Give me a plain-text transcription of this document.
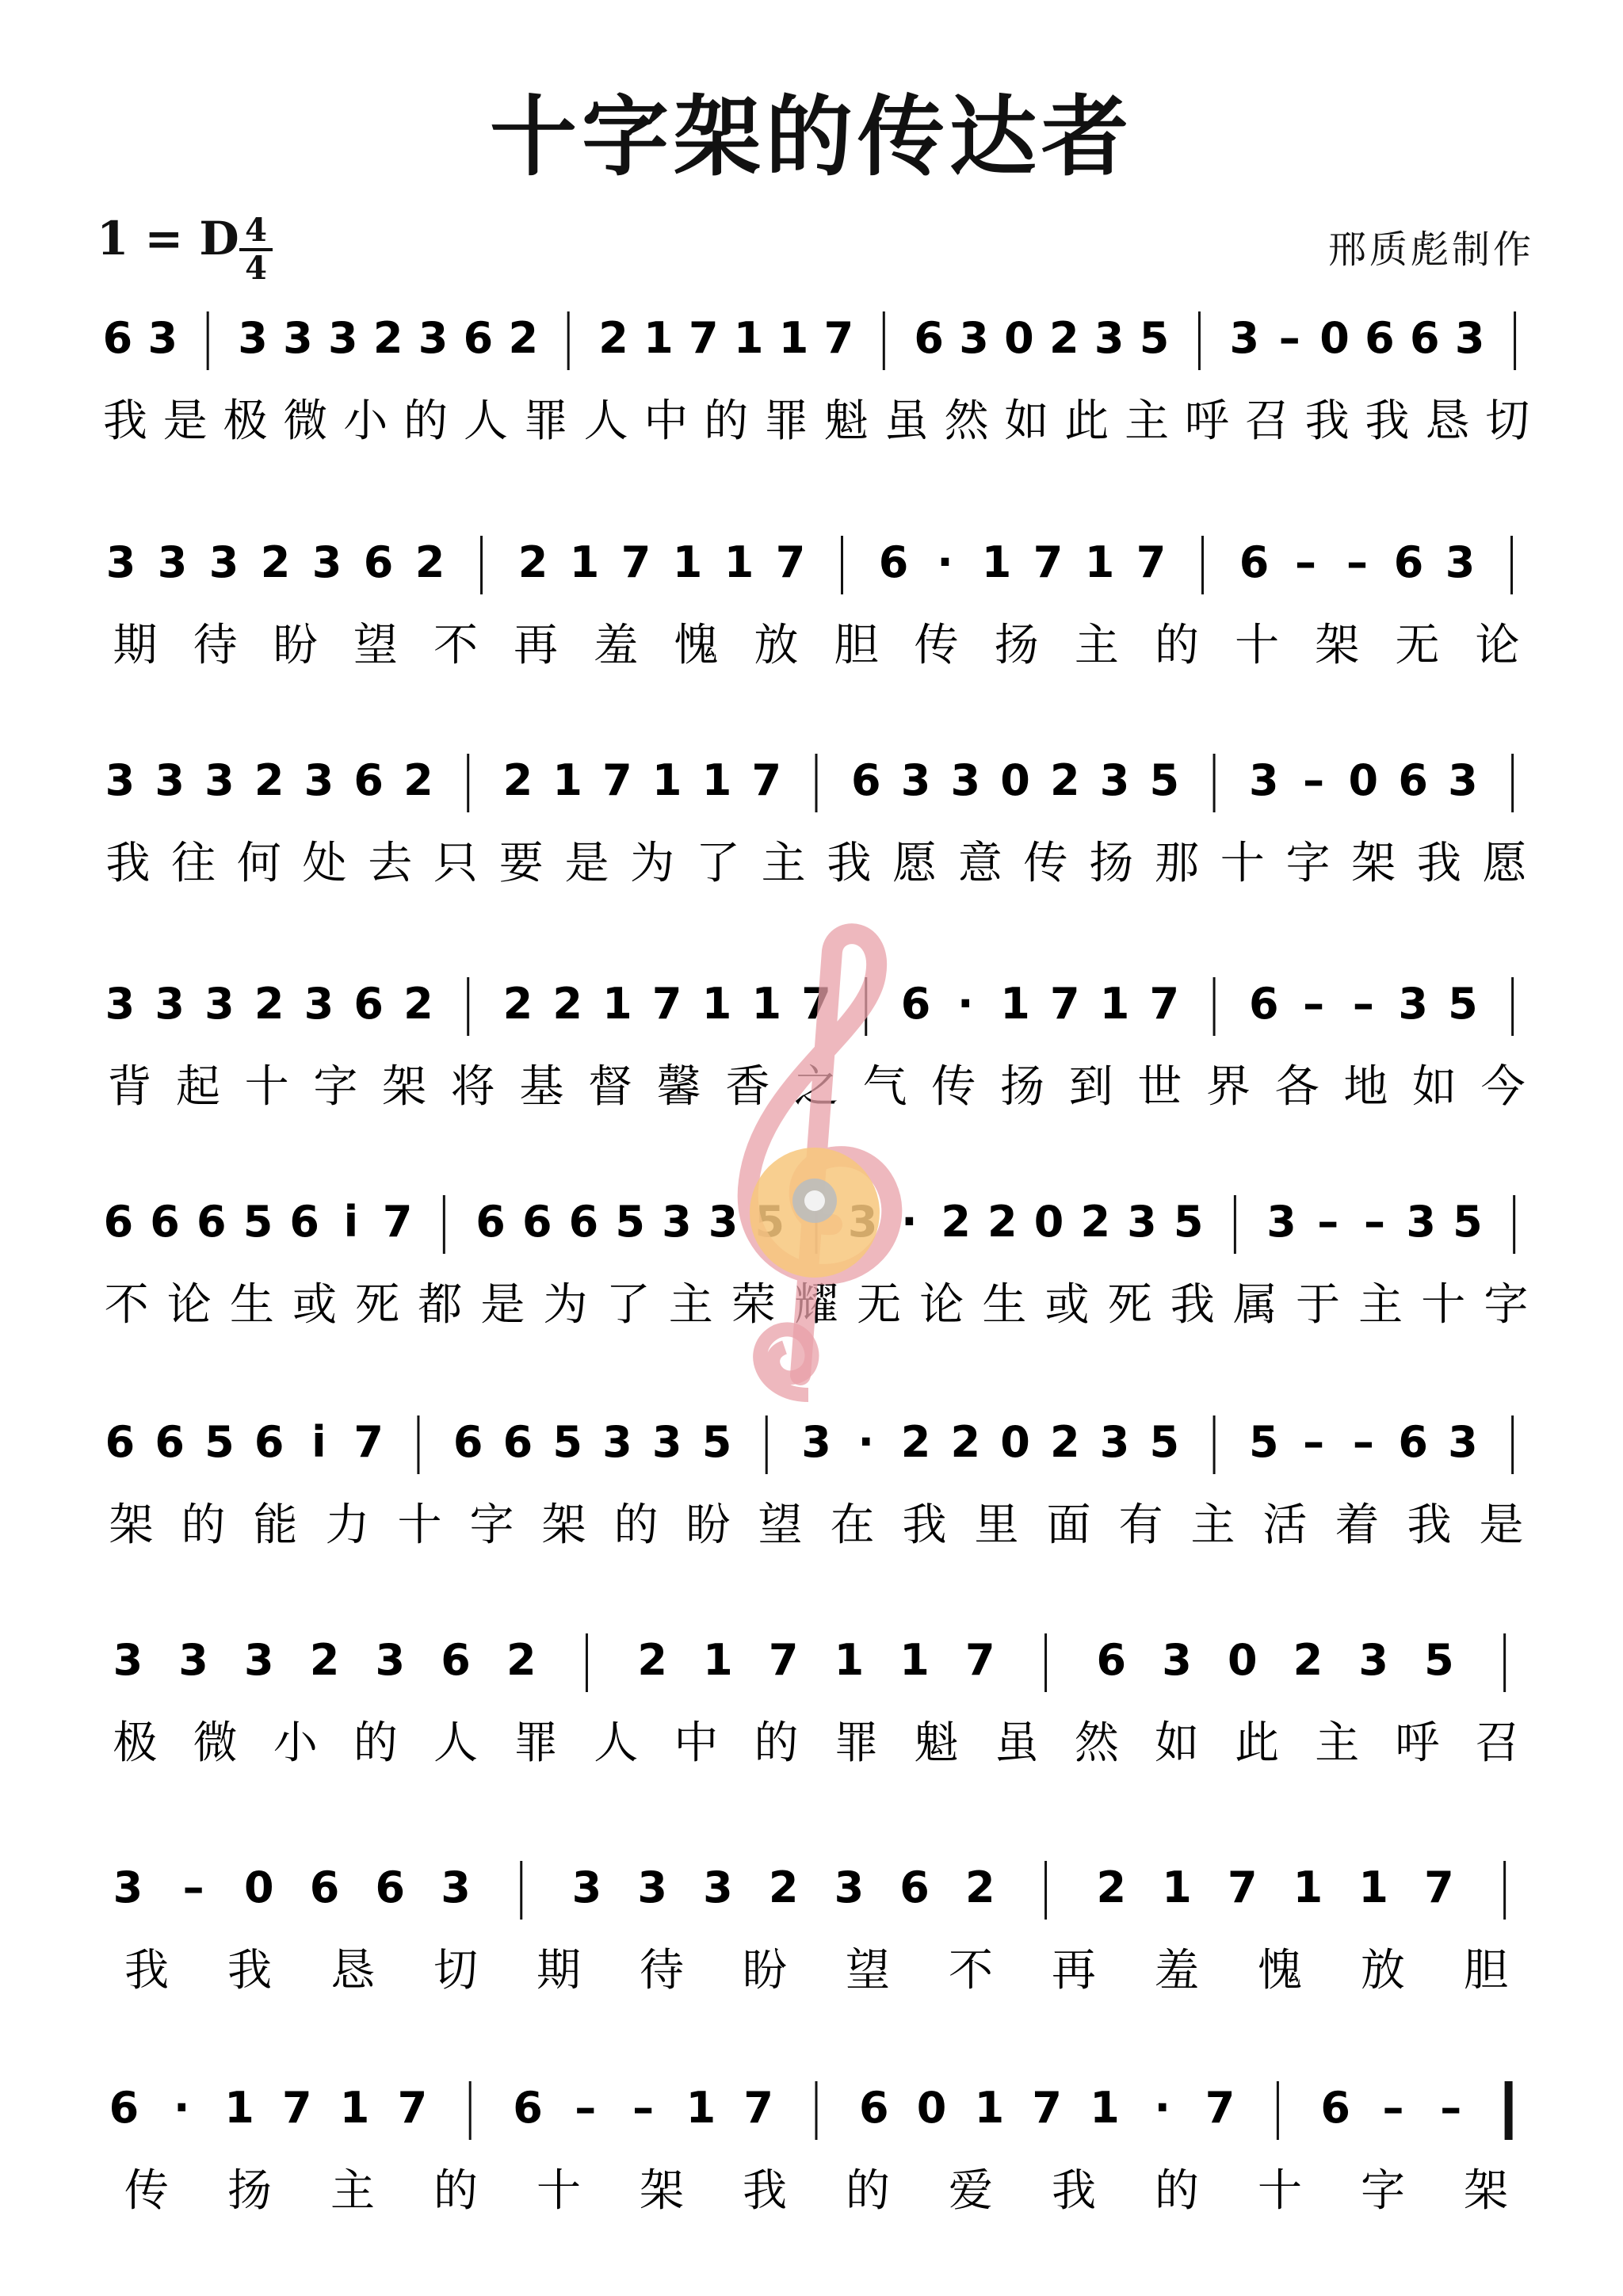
十字架的传达者
1 = D 4
4	邢质彪制作
6 3 3 3 3 2 3 6 2 2 1 7 1 1 7 6 3 0 2 3 5 3 – 0 6 6 3
我 是 极 微 小 的 人 罪 人 中 的 罪 魁 虽 然 如 此 主 呼 召 我 我 恳 切
3 3 3 2 3 6 2 2 1 7 1 1 7 6 · 1 7 1 7 6 – – 6 3
期 待 盼 望 不 再 羞 愧 放 胆 传 扬 主 的 十 架 无 论
3 3 3 2 3 6 2 2 1 7 1 1 7 6 3 3 0 2 3 5 3 – 0 6 3
我 往 何 处 去 只 要 是 为 了 主 我 愿 意 传 扬 那 十 字 架 我 愿
3 3 3 2 3 6 2 2 2 1 7 1 1 7 6 · 1 7 1 7 6 – – 3 5
背 起 十 字 架 将 基 督 馨 香 之 气 传 扬 到 世 界 各 地 如 今
6 6 6 5 6 i 7 6 6 6 5 3 3	· 2 2 0 2 3 5 3 – – 3 5
不 论 生 或 死 都 是 为 了 主 荣 耀 无 论 生 或 死 我 属 于 主 十 字
6 6 5 6 i 7 6 6 5 3 3 5 3 · 2 2 0 2 3 5 5 – – 6 3
架 的 能 力 十 字 架 的 盼 望 在 我 里 面 有 主 活 着 我 是
3 3 3 2 3 6 2 2 1 7 1 1 7 6 3 0 2 3 5
极 微 小 的 人 罪 人 中 的 罪 魁 虽 然 如 此 主 呼 召
3 – 0 6 6 3 3 3 3 2 3 6 2 2 1 7 1 1 7
我 我 恳 切 期 待 盼 望 不 再 羞 愧 放 胆
6 · 1 7 1 7 6 – – 1 7 6 0 1 7 1 · 7 6 – –
传 扬 主 的 十 架 我 的 爱 我 的 十 字 架
